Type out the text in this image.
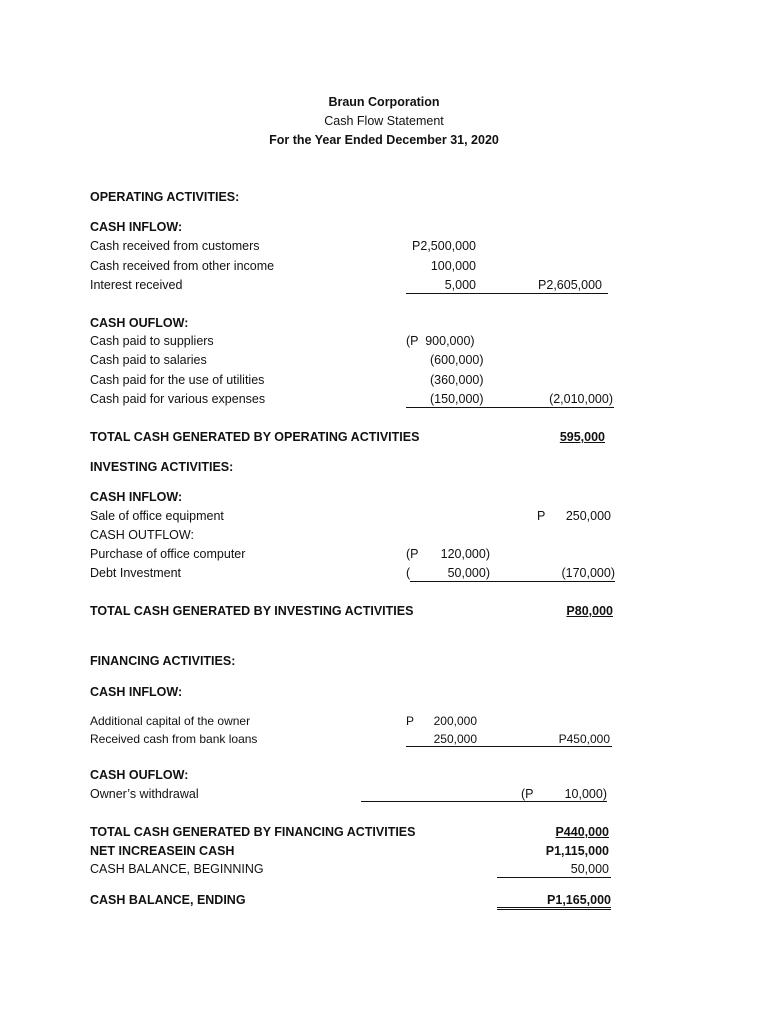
Braun Corporation
Cash Flow Statement
For the Year Ended December 31, 2020
OPERATING ACTIVITIES:
CASH INFLOW:
Cash received from customers	P2,500,000
Cash received from other income	100,000
Interest received	5,000	P2,605,000
CASH OUFLOW:
Cash paid to suppliers	(P  900,000)
Cash paid to salaries	(600,000)
Cash paid for the use of utilities	(360,000)
Cash paid for various expenses	(150,000)	(2,010,000)
TOTAL CASH GENERATED BY OPERATING ACTIVITIES	595,000
INVESTING ACTIVITIES:
CASH INFLOW:
Sale of office equipment	P	250,000
CASH OUTFLOW:
Purchase of office computer	(P	120,000)
Debt Investment	(	50,000)	(170,000)
TOTAL CASH GENERATED BY INVESTING ACTIVITIES	P80,000
FINANCING ACTIVITIES:
CASH INFLOW:
Additional capital of the owner	P	200,000
Received cash from bank loans	250,000	P450,000
CASH OUFLOW:
Owner’s withdrawal	(P	10,000)
TOTAL CASH GENERATED BY FINANCING ACTIVITIES	P440,000
NET INCREASEIN CASH	P1,115,000
CASH BALANCE, BEGINNING	50,000
CASH BALANCE, ENDING	P1,165,000
